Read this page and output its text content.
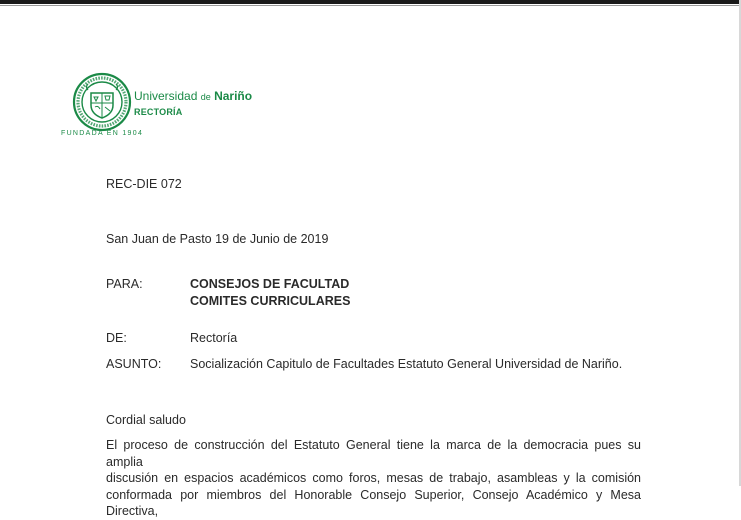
Universidad de Nariño
RECTORÍA
FUNDADA EN 1904
REC-DIE 072
San Juan de Pasto 19 de Junio de 2019
PARA:	CONSEJOS DE FACULTAD
COMITES CURRICULARES
DE:	Rectoría
ASUNTO: Socialización Capitulo de Facultades Estatuto General Universidad de Nariño.
Cordial saludo
El proceso de construcción del Estatuto General tiene la marca de la democracia pues su amplia
discusión en espacios académicos como foros, mesas de trabajo, asambleas y la comisión
conformada por miembros del Honorable Consejo Superior, Consejo Académico y Mesa Directiva,
